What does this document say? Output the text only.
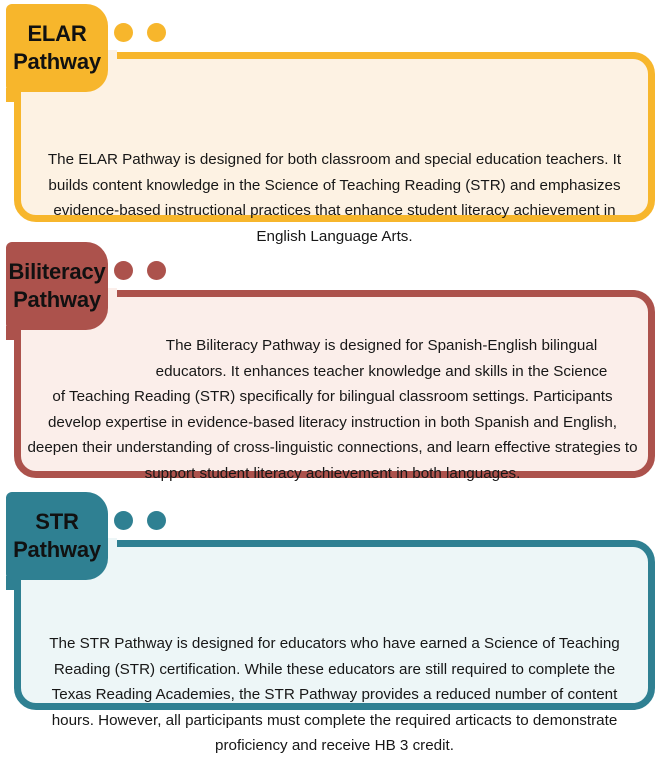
The ELAR Pathway is designed for both classroom and special education teachers. It builds content knowledge in the Science of Teaching Reading (STR) and emphasizes evidence-based instructional practices that enhance student literacy achievement in English Language Arts.
ELAR
Pathway
The Biliteracy Pathway is designed for Spanish-English bilingual
educators. It enhances teacher knowledge and skills in the Science
of Teaching Reading (STR) specifically for bilingual classroom settings. Participants develop expertise in evidence-based literacy instruction in both Spanish and English, deepen their understanding of cross-linguistic connections, and learn effective strategies to support student literacy achievement in both languages.
Biliteracy
Pathway
The STR Pathway is designed for educators who have earned a Science of Teaching Reading (STR) certification. While these educators are still required to complete the Texas Reading Academies, the STR Pathway provides a reduced number of content hours. However, all participants must complete the required articacts to demonstrate proficiency and receive HB 3 credit.
STR
Pathway
